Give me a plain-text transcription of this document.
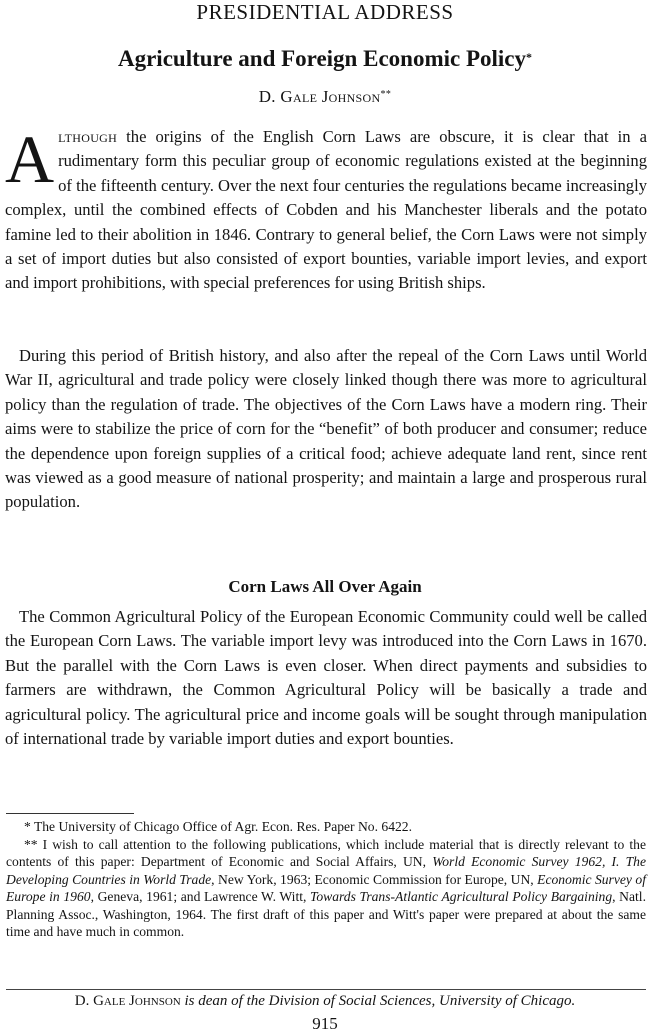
PRESIDENTIAL ADDRESS
Agriculture and Foreign Economic Policy*
D. Gale Johnson**

Although the origins of the English Corn Laws are obscure, it is clear that in a rudimentary form this peculiar group of economic regulations existed at the beginning of the fifteenth century. Over the next four centuries the regulations became increasingly complex, until the combined effects of Cobden and his Manchester liberals and the potato famine led to their abolition in 1846. Contrary to general belief, the Corn Laws were not simply a set of import duties but also consisted of export bounties, variable import levies, and export and import prohibitions, with special preferences for using British ships.

During this period of British history, and also after the repeal of the Corn Laws until World War II, agricultural and trade policy were closely linked though there was more to agricultural policy than the regulation of trade. The objectives of the Corn Laws have a modern ring. Their aims were to stabilize the price of corn for the “benefit” of both producer and consumer; reduce the dependence upon foreign supplies of a critical food; achieve adequate land rent, since rent was viewed as a good measure of national prosperity; and maintain a large and prosperous rural population.

Corn Laws All Over Again

The Common Agricultural Policy of the European Economic Community could well be called the European Corn Laws. The variable import levy was introduced into the Corn Laws in 1670. But the parallel with the Corn Laws is even closer. When direct payments and subsidies to farmers are withdrawn, the Common Agricultural Policy will be basically a trade and agricultural policy. The agricultural price and income goals will be sought through manipulation of international trade by variable import duties and export bounties.

* The University of Chicago Office of Agr. Econ. Res. Paper No. 6422.

** I wish to call attention to the following publications, which include material that is directly relevant to the contents of this paper: Department of Economic and Social Affairs, UN, World Economic Survey 1962, I. The Developing Countries in World Trade, New York, 1963; Economic Commission for Europe, UN, Economic Survey of Europe in 1960, Geneva, 1961; and Lawrence W. Witt, Towards Trans-Atlantic Agricultural Policy Bargaining, Natl. Planning Assoc., Washington, 1964. The first draft of this paper and Witt's paper were prepared at about the same time and have much in common.

D. Gale Johnson is dean of the Division of Social Sciences, University of Chicago.
915
